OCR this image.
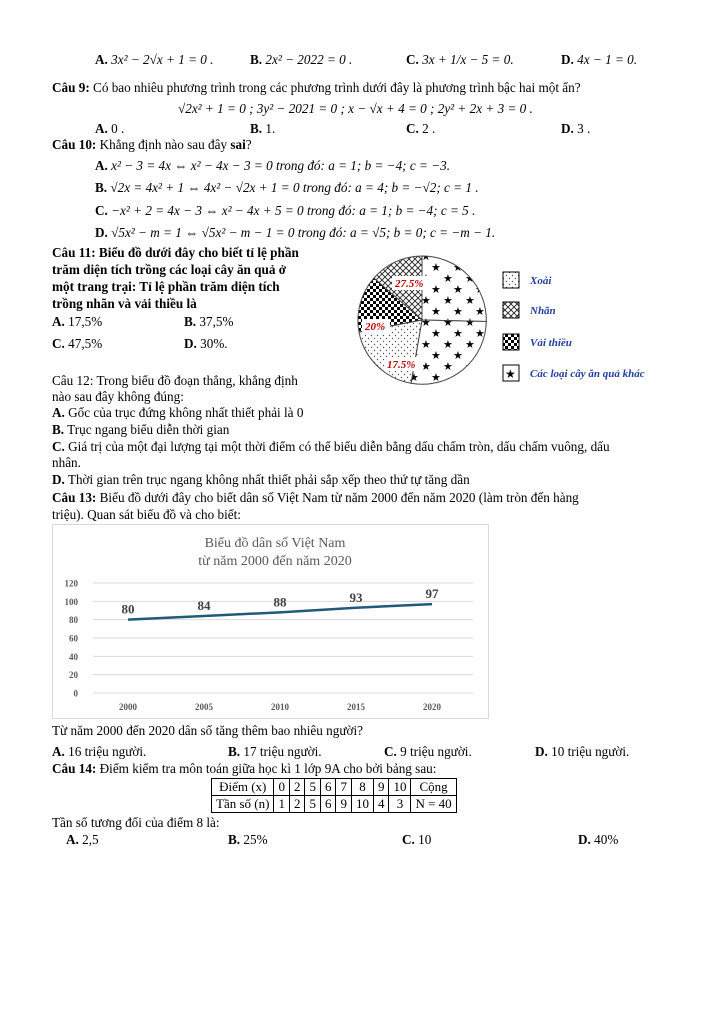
A. 3x² − 2√x + 1 = 0 .	B. 2x² − 2022 = 0 .	C. 3x + 1/x − 5 = 0.	D. 4x − 1 = 0.
Câu 9: Có bao nhiêu phương trình trong các phương trình dưới đây là phương trình bậc hai một ẩn?
√2x² + 1 = 0 ; 3y² − 2021 = 0 ; x − √x + 4 = 0 ; 2y² + 2x + 3 = 0 .
A. 0 .	B. 1.	C. 2 .	D. 3 .
Câu 10: Khẳng định nào sau đây sai?
A. x² − 3 = 4x ⇔ x² − 4x − 3 = 0 trong đó: a = 1; b = −4; c = −3.
B. √2x = 4x² + 1 ⇔ 4x² − √2x + 1 = 0 trong đó: a = 4; b = −√2; c = 1 .
C. −x² + 2 = 4x − 3 ⇔ x² − 4x + 5 = 0 trong đó: a = 1; b = −4; c = 5 .
D. √5x² − m = 1 ⇔ √5x² − m − 1 = 0 trong đó: a = √5; b = 0; c = −m − 1.
Câu 11: Biểu đồ dưới đây cho biết tỉ lệ phần
trăm diện tích trồng các loại cây ăn quả ở
một trang trại: Tỉ lệ phần trăm diện tích
trồng nhãn và vải thiều là
A. 17,5%	B. 37,5%
C. 47,5%	D. 30%.
27.5%
20%
17.5%
★
Xoài
Nhãn
Vải thiều
Các loại cây ăn quả khác
Câu 12: Trong biểu đồ đoạn thẳng, khẳng định
nào sau đây không đúng:
A. Gốc của trục đứng không nhất thiết phải là 0
B. Trục ngang biểu diễn thời gian
C. Giá trị của một đại lượng tại một thời điểm có thể biểu diễn bằng dấu chấm tròn, dấu chấm vuông, dấu
nhân.
D. Thời gian trên trục ngang không nhất thiết phải sắp xếp theo thứ tự tăng dần
Câu 13: Biểu đồ dưới đây cho biết dân số Việt Nam từ năm 2000 đến năm 2020 (làm tròn đến hàng
triệu). Quan sát biểu đồ và cho biết:
Biểu đồ dân số Việt Nam
từ năm 2000 đến năm 2020
0
20
40
60
80
100
120
2000	2005	2010	2015	2020
80	84	88	93	97
Từ năm 2000 đến 2020 dân số tăng thêm bao nhiêu người?
A. 16 triệu người.	B. 17 triệu người.	C. 9 triệu người.	D. 10 triệu người.
Câu 14: Điểm kiểm tra môn toán giữa học kì 1 lớp 9A cho bởi bảng sau:
Điểm (x)	0	2	5	6	7	8	9	10	Cộng
Tần số (n)	1	2	5	6	9	10	4	3	N = 40
Tần số tương đối của điểm 8 là:
A. 2,5	B. 25%	C. 10	D. 40%
